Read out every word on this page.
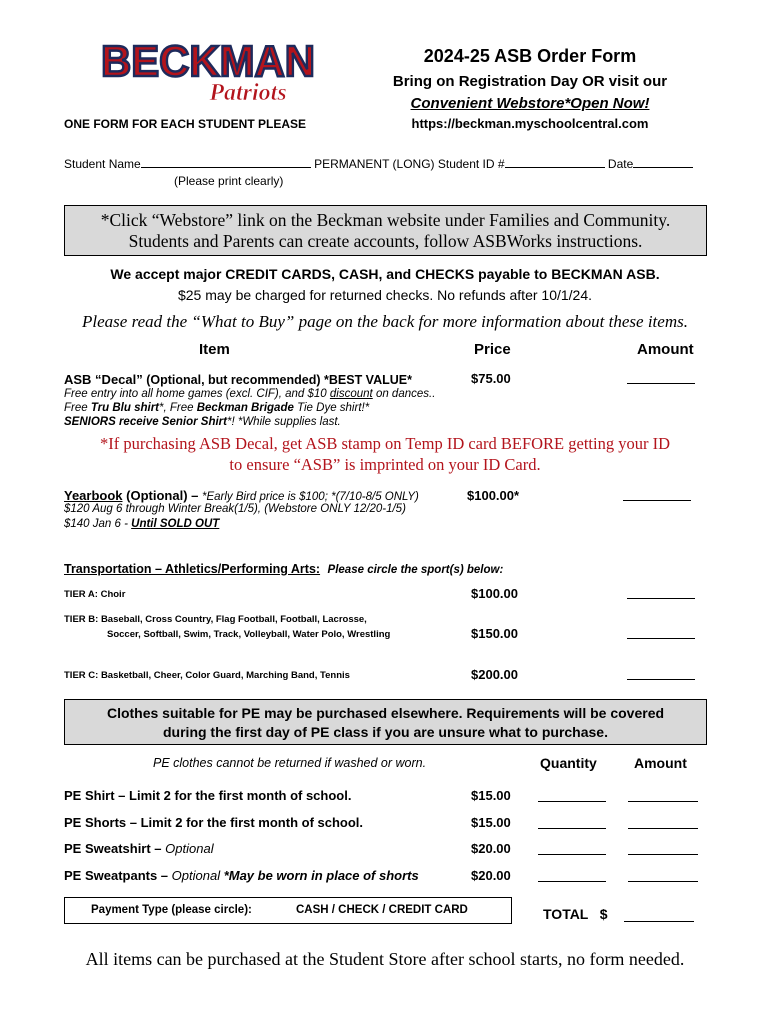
BECKMAN
Patriots
2024-25 ASB Order Form
Bring on Registration Day OR visit our
Convenient Webstore*Open Now!
https://beckman.myschoolcentral.com
ONE FORM FOR EACH STUDENT PLEASE
Student Name	PERMANENT (LONG) Student ID #	Date
(Please print clearly)
*Click “Webstore” link on the Beckman website under Families and Community.
Students and Parents can create accounts, follow ASBWorks instructions.
We accept major CREDIT CARDS, CASH, and CHECKS payable to BECKMAN ASB.
$25 may be charged for returned checks. No refunds after 10/1/24.
Please read the “What to Buy” page on the back for more information about these items.
Item	Price	Amount
ASB “Decal” (Optional, but recommended) *BEST VALUE*	$75.00
Free entry into all home games (excl. CIF), and $10 discount on dances..
Free Tru Blu shirt*, Free Beckman Brigade Tie Dye shirt!*
SENIORS receive Senior Shirt*! *While supplies last.
*If purchasing ASB Decal, get ASB stamp on Temp ID card BEFORE getting your ID
to ensure “ASB” is imprinted on your ID Card.
Yearbook (Optional) – *Early Bird price is $100; *(7/10-8/5 ONLY)	$100.00*
$120 Aug 6 through Winter Break(1/5), (Webstore ONLY 12/20-1/5)
$140 Jan 6 - Until SOLD OUT
Transportation – Athletics/Performing Arts: Please circle the sport(s) below:
TIER A: Choir	$100.00
TIER B: Baseball, Cross Country, Flag Football, Football, Lacrosse,
Soccer, Softball, Swim, Track, Volleyball, Water Polo, Wrestling	$150.00
TIER C: Basketball, Cheer, Color Guard, Marching Band, Tennis	$200.00
Clothes suitable for PE may be purchased elsewhere. Requirements will be covered
during the first day of PE class if you are unsure what to purchase.
PE clothes cannot be returned if washed or worn.	Quantity	Amount
PE Shirt – Limit 2 for the first month of school.	$15.00
PE Shorts – Limit 2 for the first month of school.	$15.00
PE Sweatshirt – Optional	$20.00
PE Sweatpants – Optional *May be worn in place of shorts	$20.00
Payment Type (please circle):	CASH / CHECK / CREDIT CARD	TOTAL   $
All items can be purchased at the Student Store after school starts, no form needed.
